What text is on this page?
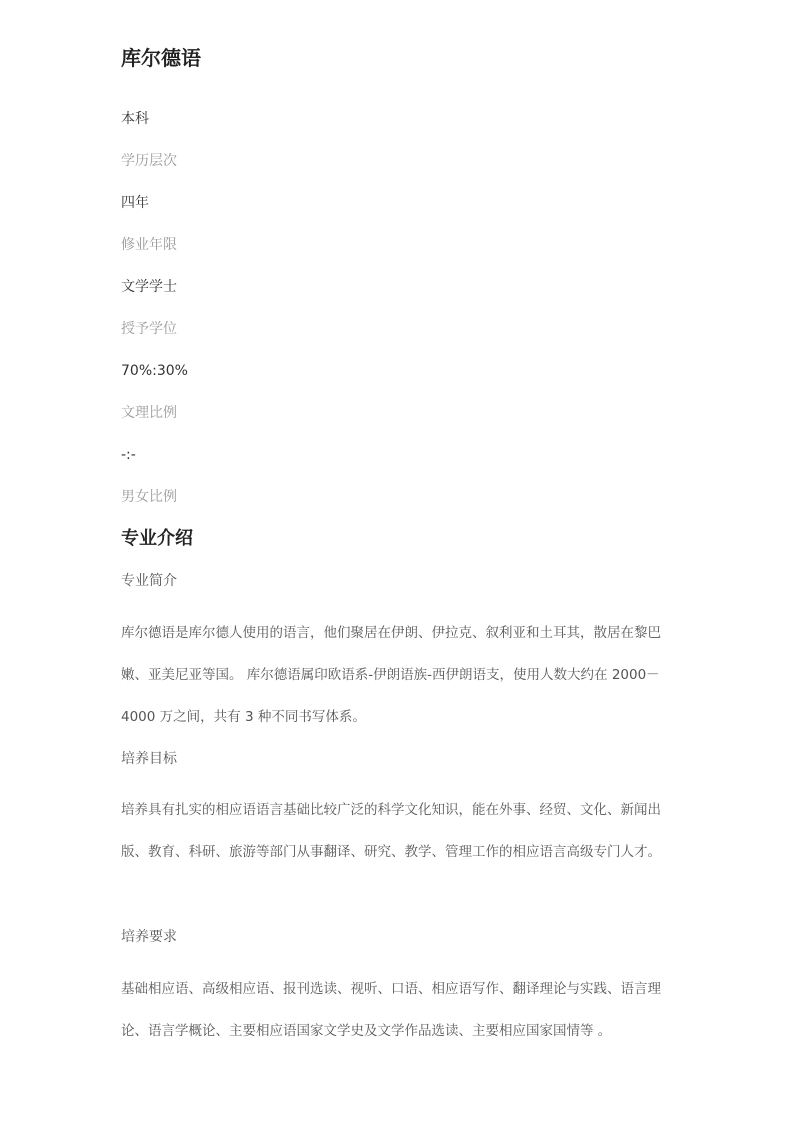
库尔德语

本科

学历层次

四年

修业年限

文学学士

授予学位

70%:30%

文理比例

-:-

男女比例

专业介绍

专业简介

库尔德语是库尔德人使用的语言，他们聚居在伊朗、伊拉克、叙利亚和土耳其，散居在黎巴嫩、亚美尼亚等国。 库尔德语属印欧语系-伊朗语族-西伊朗语支，使用人数大约在 2000－4000 万之间，共有 3 种不同书写体系。

培养目标

培养具有扎实的相应语语言基础比较广泛的科学文化知识，能在外事、经贸、文化、新闻出版、教育、科研、旅游等部门从事翻译、研究、教学、管理工作的相应语言高级专门人才。

培养要求

基础相应语、高级相应语、报刊选读、视听、口语、相应语写作、翻译理论与实践、语言理论、语言学概论、主要相应语国家文学史及文学作品选读、主要相应国家国情等 。
